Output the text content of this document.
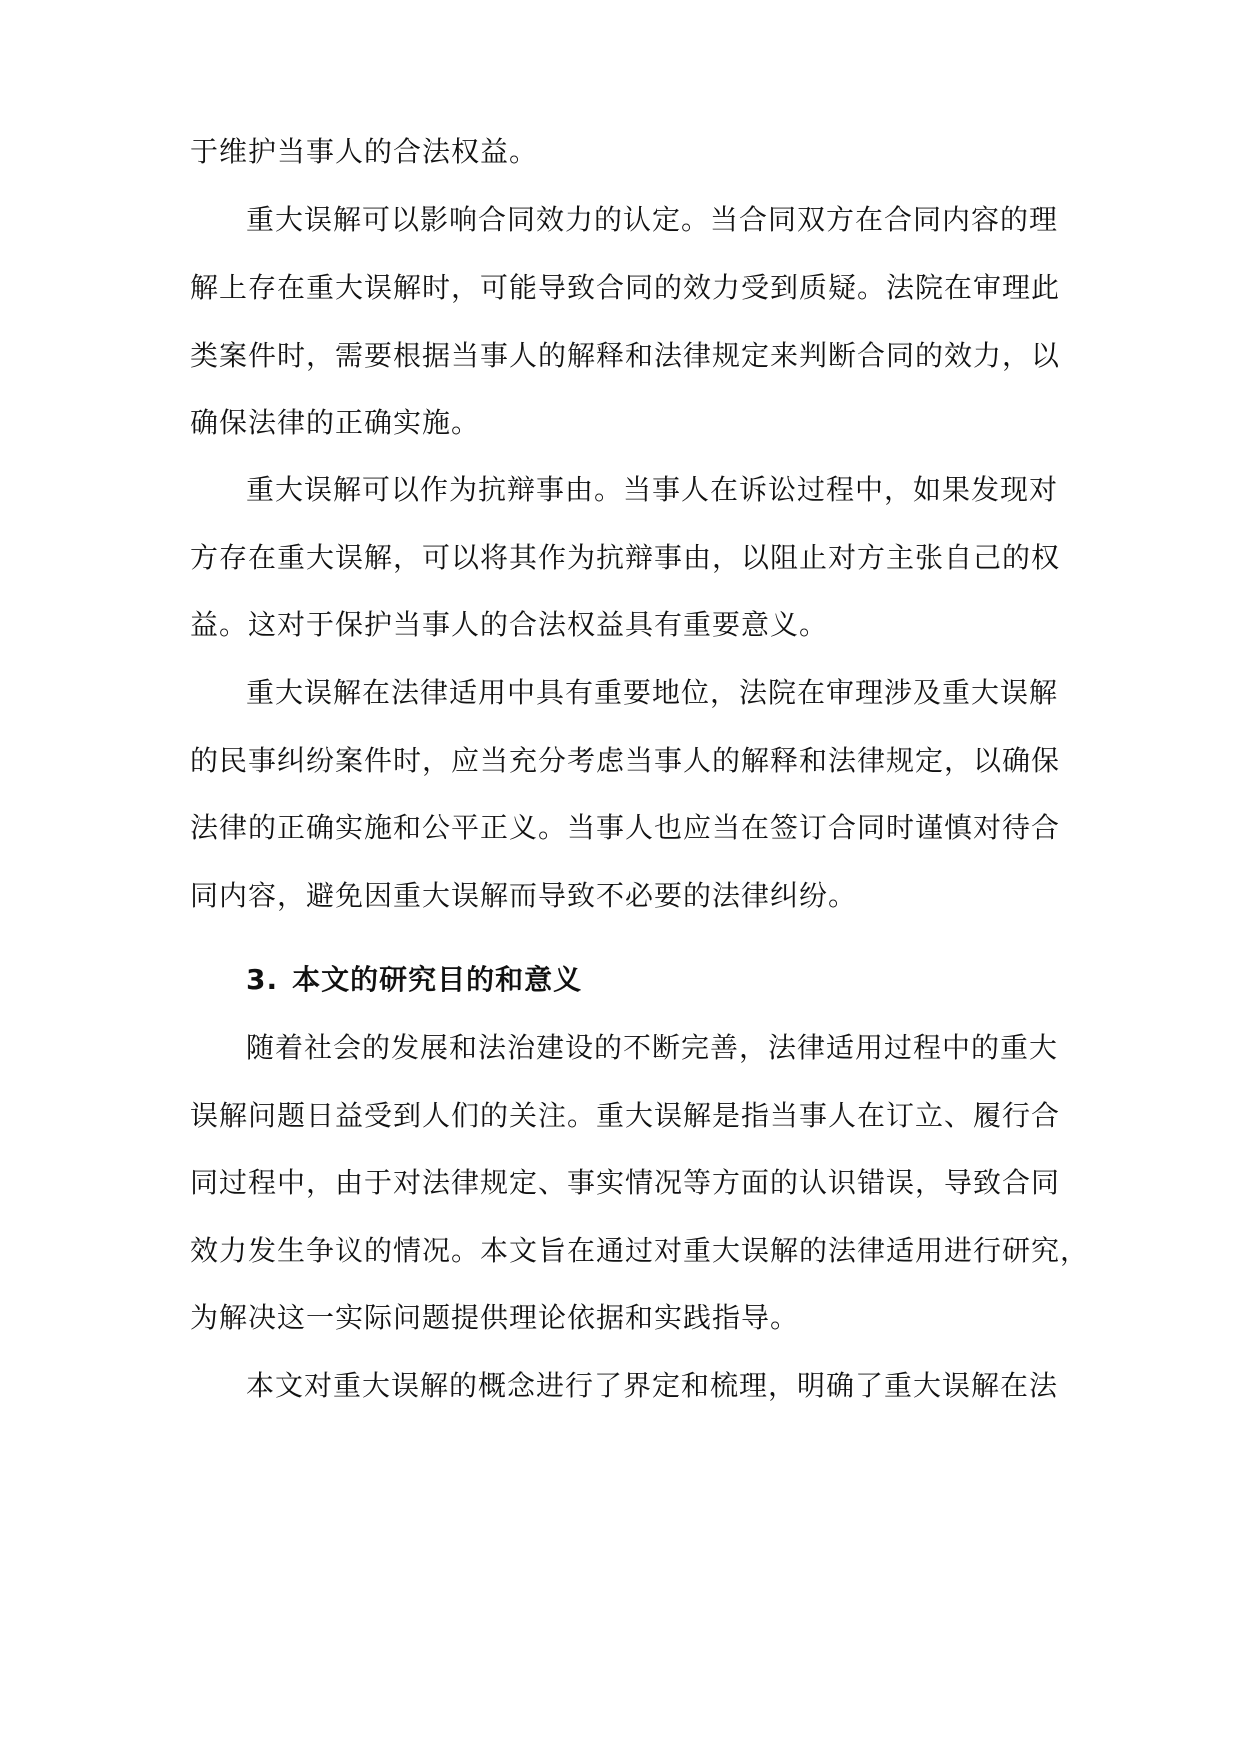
于维护当事人的合法权益。
重大误解可以影响合同效力的认定。当合同双方在合同内容的理
解上存在重大误解时，可能导致合同的效力受到质疑。法院在审理此
类案件时，需要根据当事人的解释和法律规定来判断合同的效力，以
确保法律的正确实施。
重大误解可以作为抗辩事由。当事人在诉讼过程中，如果发现对
方存在重大误解，可以将其作为抗辩事由，以阻止对方主张自己的权
益。这对于保护当事人的合法权益具有重要意义。
重大误解在法律适用中具有重要地位，法院在审理涉及重大误解
的民事纠纷案件时，应当充分考虑当事人的解释和法律规定，以确保
法律的正确实施和公平正义。当事人也应当在签订合同时谨慎对待合
同内容，避免因重大误解而导致不必要的法律纠纷。
3. 本文的研究目的和意义
随着社会的发展和法治建设的不断完善，法律适用过程中的重大
误解问题日益受到人们的关注。重大误解是指当事人在订立、履行合
同过程中，由于对法律规定、事实情况等方面的认识错误，导致合同
效力发生争议的情况。本文旨在通过对重大误解的法律适用进行研究，
为解决这一实际问题提供理论依据和实践指导。
本文对重大误解的概念进行了界定和梳理，明确了重大误解在法
